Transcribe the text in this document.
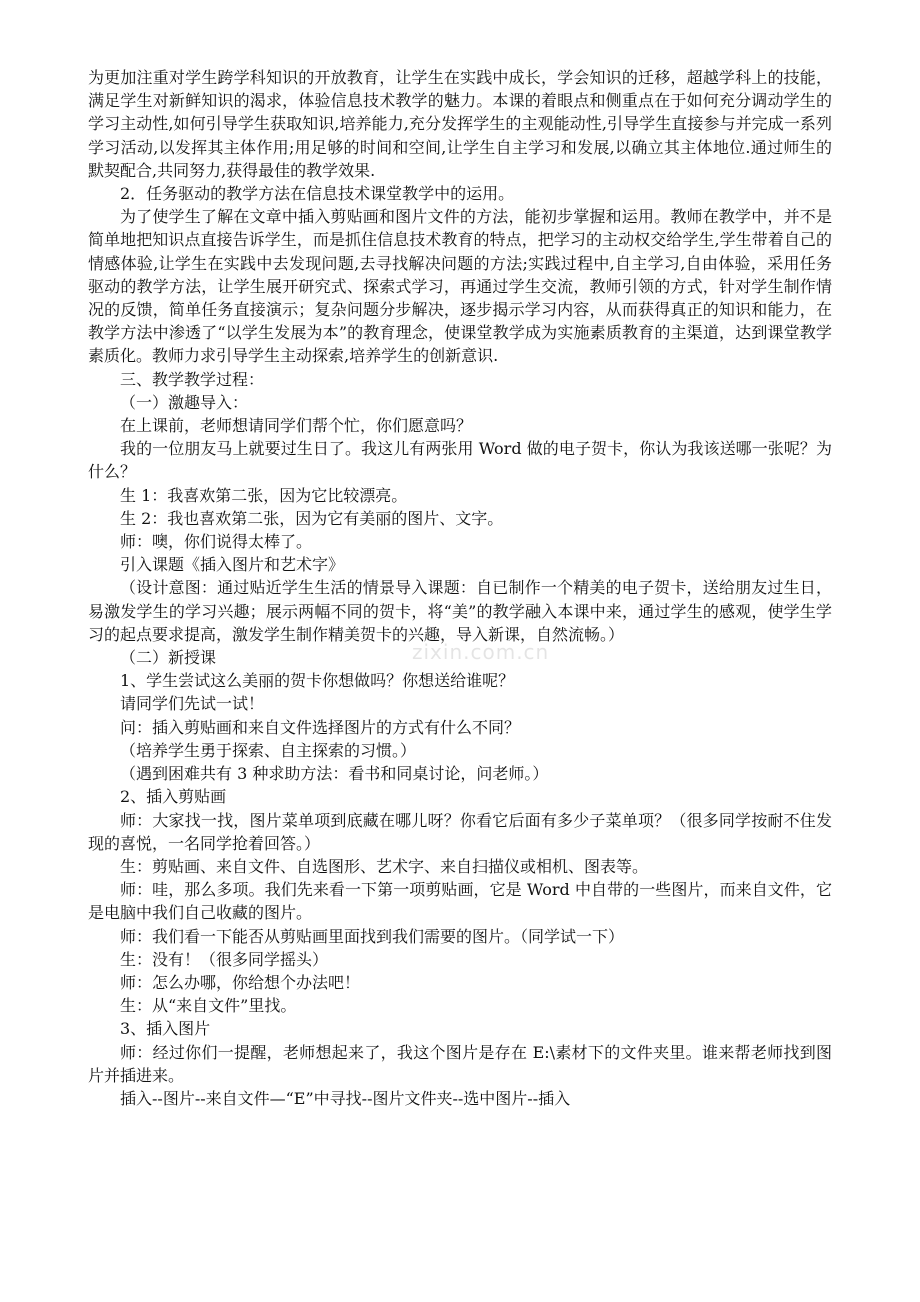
为更加注重对学生跨学科知识的开放教育，让学生在实践中成长，学会知识的迁移，超越学科上的技能，满足学生对新鲜知识的渴求，体验信息技术教学的魅力。本课的着眼点和侧重点在于如何充分调动学生的学习主动性,如何引导学生获取知识,培养能力,充分发挥学生的主观能动性,引导学生直接参与并完成一系列学习活动,以发挥其主体作用;用足够的时间和空间,让学生自主学习和发展,以确立其主体地位.通过师生的默契配合,共同努力,获得最佳的教学效果.

2．任务驱动的教学方法在信息技术课堂教学中的运用。

为了使学生了解在文章中插入剪贴画和图片文件的方法，能初步掌握和运用。教师在教学中，并不是简单地把知识点直接告诉学生，而是抓住信息技术教育的特点，把学习的主动权交给学生,学生带着自己的情感体验,让学生在实践中去发现问题,去寻找解决问题的方法;实践过程中,自主学习,自由体验，采用任务驱动的教学方法，让学生展开研究式、探索式学习，再通过学生交流，教师引领的方式，针对学生制作情况的反馈，简单任务直接演示；复杂问题分步解决，逐步揭示学习内容，从而获得真正的知识和能力，在教学方法中渗透了“以学生发展为本”的教育理念，使课堂教学成为实施素质教育的主渠道，达到课堂教学素质化。教师力求引导学生主动探索,培养学生的创新意识.

三、教学教学过程：

（一）激趣导入：

在上课前，老师想请同学们帮个忙，你们愿意吗？

我的一位朋友马上就要过生日了。我这儿有两张用 Word 做的电子贺卡，你认为我该送哪一张呢？为什么？

生 1：我喜欢第二张，因为它比较漂亮。

生 2：我也喜欢第二张，因为它有美丽的图片、文字。

师：噢，你们说得太棒了。

引入课题《插入图片和艺术字》

（设计意图：通过贴近学生生活的情景导入课题：自已制作一个精美的电子贺卡，送给朋友过生日，易激发学生的学习兴趣；展示两幅不同的贺卡，将“美”的教学融入本课中来，通过学生的感观，使学生学习的起点要求提高，激发学生制作精美贺卡的兴趣，导入新课，自然流畅。）

（二）新授课

1、学生尝试这么美丽的贺卡你想做吗？你想送给谁呢？

请同学们先试一试！

问：插入剪贴画和来自文件选择图片的方式有什么不同？

（培养学生勇于探索、自主探索的习惯。）

（遇到困难共有 3 种求助方法：看书和同桌讨论，问老师。）

2、插入剪贴画

师：大家找一找，图片菜单项到底藏在哪儿呀？你看它后面有多少子菜单项？（很多同学按耐不住发现的喜悦，一名同学抢着回答。）

生：剪贴画、来自文件、自选图形、艺术字、来自扫描仪或相机、图表等。

师：哇，那么多项。我们先来看一下第一项剪贴画，它是 Word 中自带的一些图片，而来自文件，它是电脑中我们自己收藏的图片。

师：我们看一下能否从剪贴画里面找到我们需要的图片。（同学试一下）

生：没有！（很多同学摇头）

师：怎么办哪，你给想个办法吧！

生：从“来自文件”里找。

3、插入图片

师：经过你们一提醒，老师想起来了，我这个图片是存在 E:\素材下的文件夹里。谁来帮老师找到图片并插进来。

插入--图片--来自文件—“E”中寻找--图片文件夹--选中图片--插入

zixin.com.cn
